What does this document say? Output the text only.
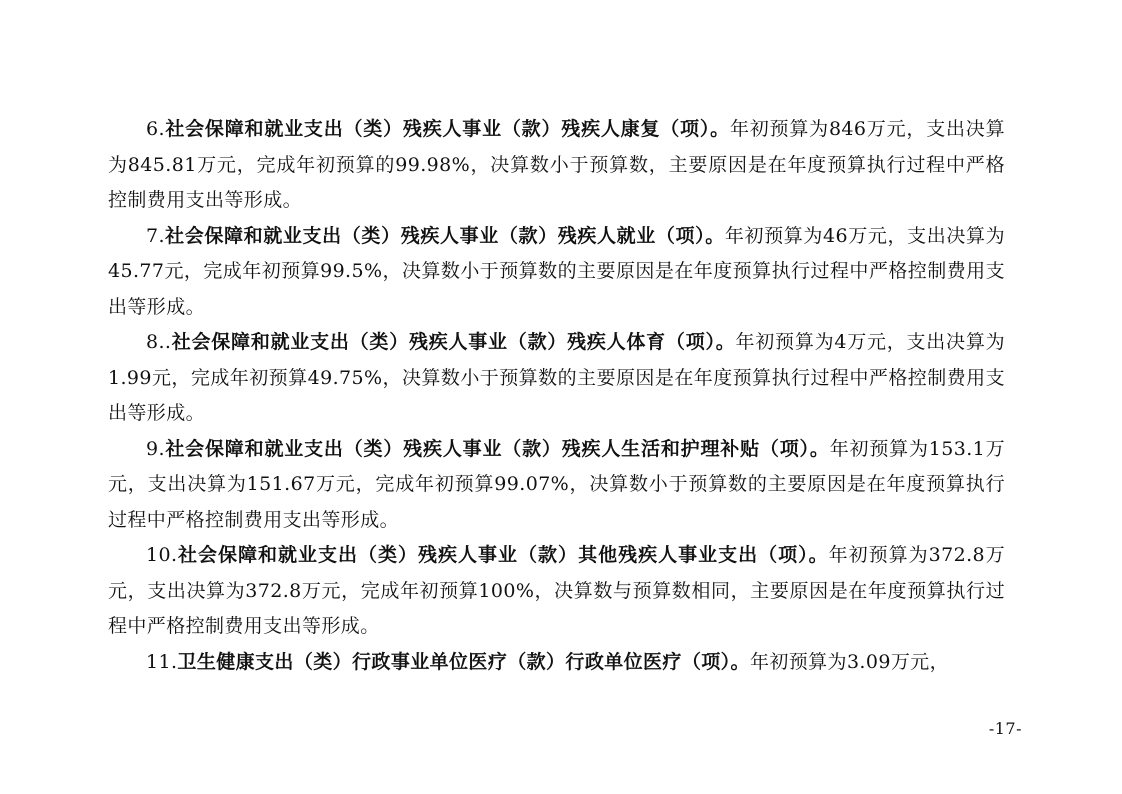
6.社会保障和就业支出（类）残疾人事业（款）残疾人康复（项）。年初预算为846万元，支出决算为845.81万元，完成年初预算的99.98%，决算数小于预算数，主要原因是在年度预算执行过程中严格控制费用支出等形成。

7.社会保障和就业支出（类）残疾人事业（款）残疾人就业（项）。年初预算为46万元，支出决算为45.77元，完成年初预算99.5%，决算数小于预算数的主要原因是在年度预算执行过程中严格控制费用支出等形成。

8..社会保障和就业支出（类）残疾人事业（款）残疾人体育（项）。年初预算为4万元，支出决算为1.99元，完成年初预算49.75%，决算数小于预算数的主要原因是在年度预算执行过程中严格控制费用支出等形成。

9.社会保障和就业支出（类）残疾人事业（款）残疾人生活和护理补贴（项）。年初预算为153.1万元，支出决算为151.67万元，完成年初预算99.07%，决算数小于预算数的主要原因是在年度预算执行过程中严格控制费用支出等形成。

10.社会保障和就业支出（类）残疾人事业（款）其他残疾人事业支出（项）。年初预算为372.8万元，支出决算为372.8万元，完成年初预算100%，决算数与预算数相同，主要原因是在年度预算执行过程中严格控制费用支出等形成。

11.卫生健康支出（类）行政事业单位医疗（款）行政单位医疗（项）。年初预算为3.09万元，

-17-
